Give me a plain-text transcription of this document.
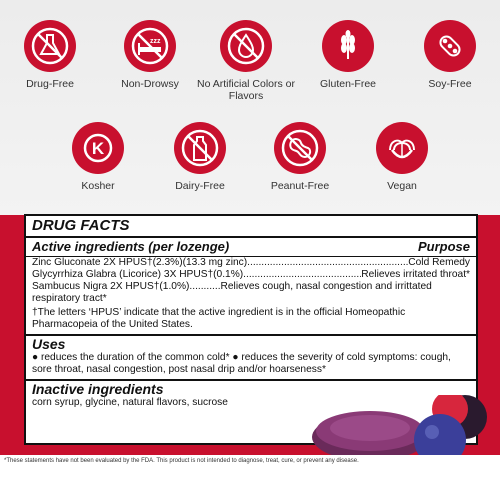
Drug-Free
zzz
Non-Drowsy	No Artificial Colors or Flavors
Gluten-Free	Soy-Free
K
Kosher	Dairy-Free	Peanut-Free	Vegan
DRUG FACTS
Active ingredients (per lozenge)	Purpose
Zinc Gluconate 2X HPUS†(2.3%)(13.3 mg zinc) .....	Cold Remedy
Glycyrrhiza Glabra (Licorice) 3X HPUS†(0.1%) .....	Relieves irritated throat*
Sambucus Nigra 2X HPUS†(1.0%)...........Relieves cough, nasal congestion and irrittated respiratory tract*
†The letters ‘HPUS’ indicate that the active ingredient is in the official Homeopathic Pharmacopeia of the United States.
Uses
● reduces the duration of the common cold* ● reduces the severity of cold symptoms: cough, sore throat, nasal congestion, post nasal drip and/or hoarseness*
Inactive ingredients
corn syrup, glycine, natural flavors, sucrose
*These statements have not been evaluated by the FDA. This product is not intended to diagnose, treat, cure, or prevent any disease.
